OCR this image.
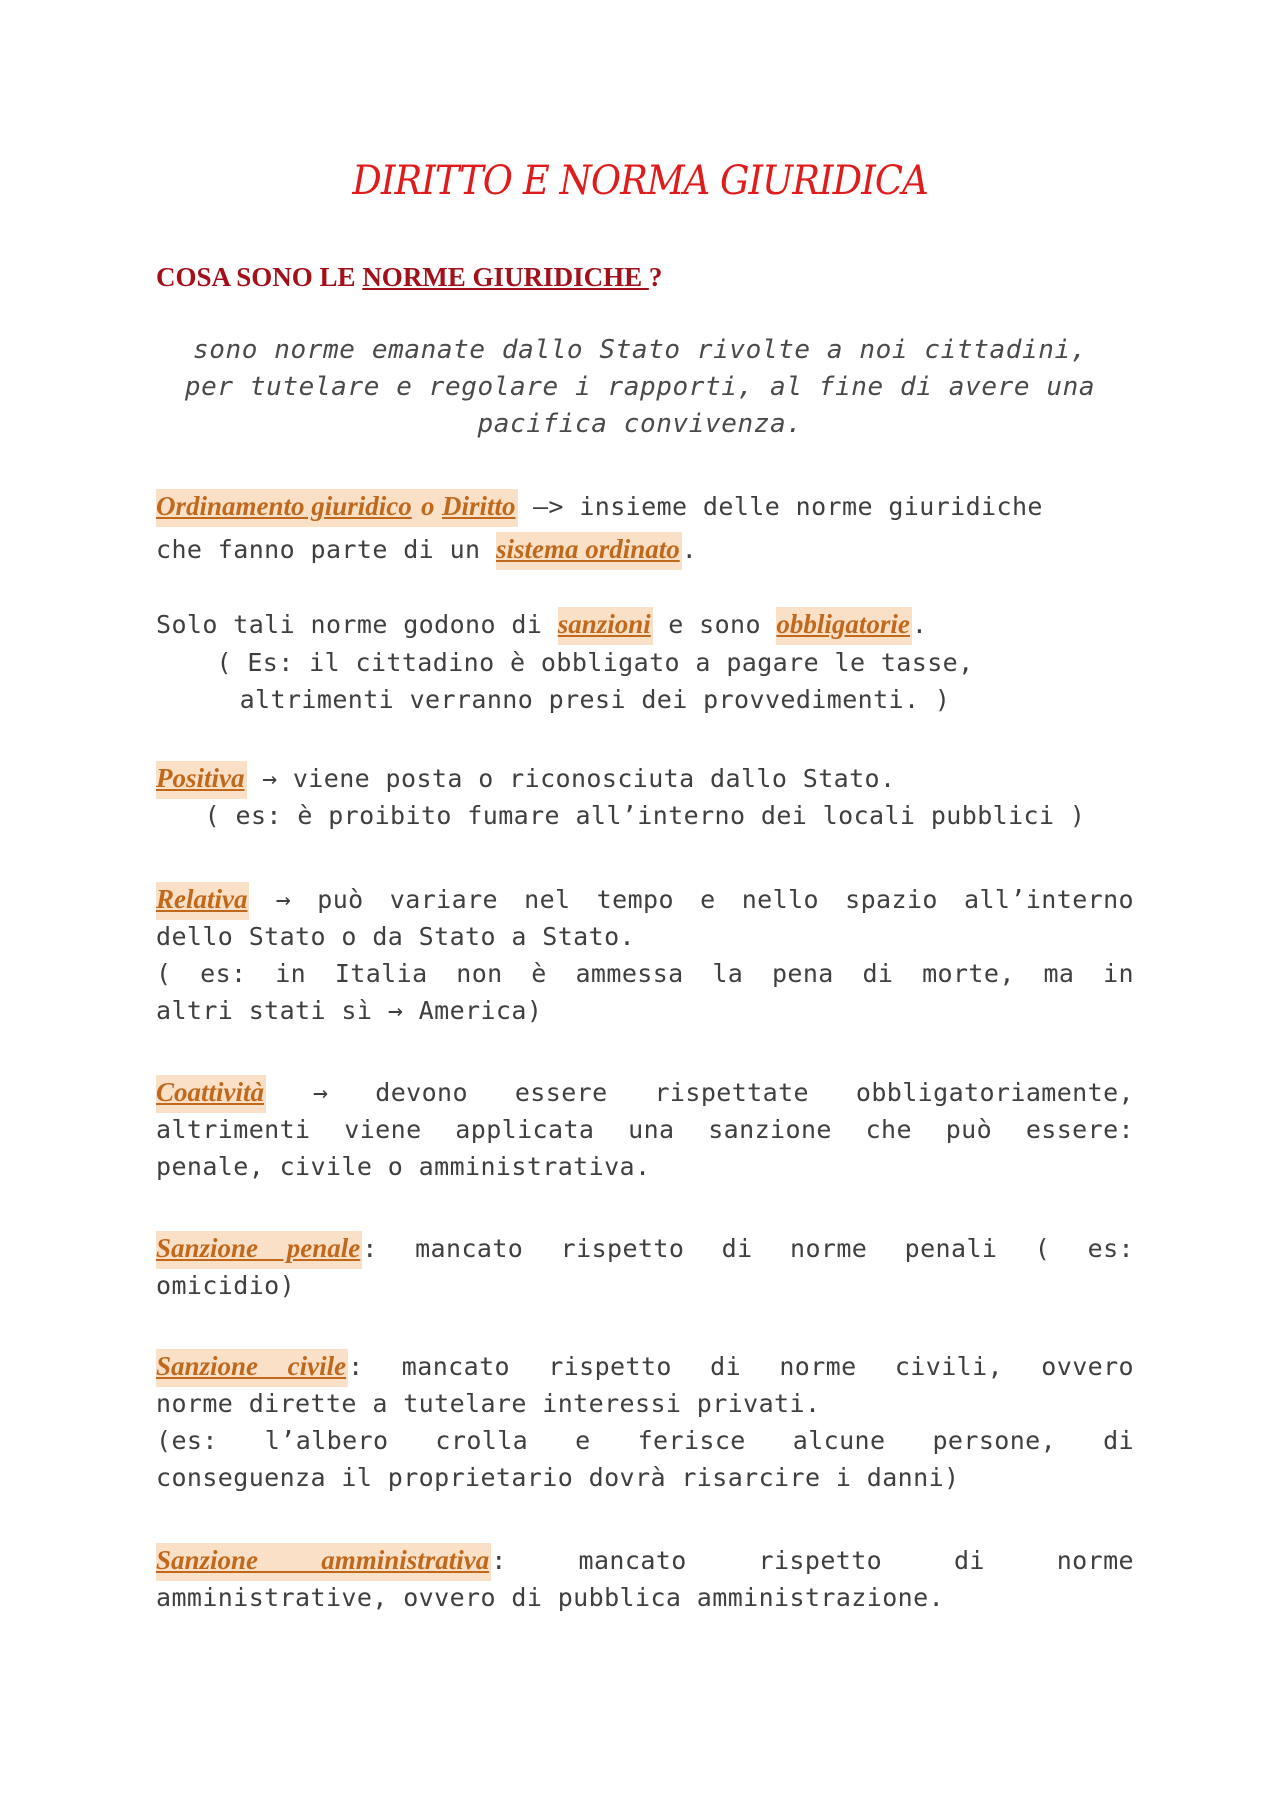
DIRITTO E NORMA GIURIDICA
COSA SONO LE NORME GIURIDICHE ?
sono norme emanate dallo Stato rivolte a noi cittadini,
per tutelare e regolare i rapporti, al fine di avere una
pacifica convivenza.
Ordinamento giuridico o Diritto —> insieme delle norme giuridiche
che fanno parte di un sistema ordinato.
Solo tali norme godono di sanzioni e sono obbligatorie.
( Es: il cittadino è obbligato a pagare le tasse,
altrimenti verranno presi dei provvedimenti. )
Positiva → viene posta o riconosciuta dallo Stato.
( es: è proibito fumare all’interno dei locali pubblici )
Relativa → può variare nel tempo e nello spazio all’interno
dello Stato o da Stato a Stato.
( es: in Italia non è ammessa la pena di morte, ma in
altri stati sì → America)
Coattività → devono essere rispettate obbligatoriamente,
altrimenti viene applicata una sanzione che può essere:
penale, civile o amministrativa.
Sanzione penale: mancato rispetto di norme penali ( es:
omicidio)
Sanzione civile: mancato rispetto di norme civili, ovvero
norme dirette a tutelare interessi privati.
(es: l’albero crolla e ferisce alcune persone, di
conseguenza il proprietario dovrà risarcire i danni)
Sanzione amministrativa: mancato rispetto di norme
amministrative, ovvero di pubblica amministrazione.
